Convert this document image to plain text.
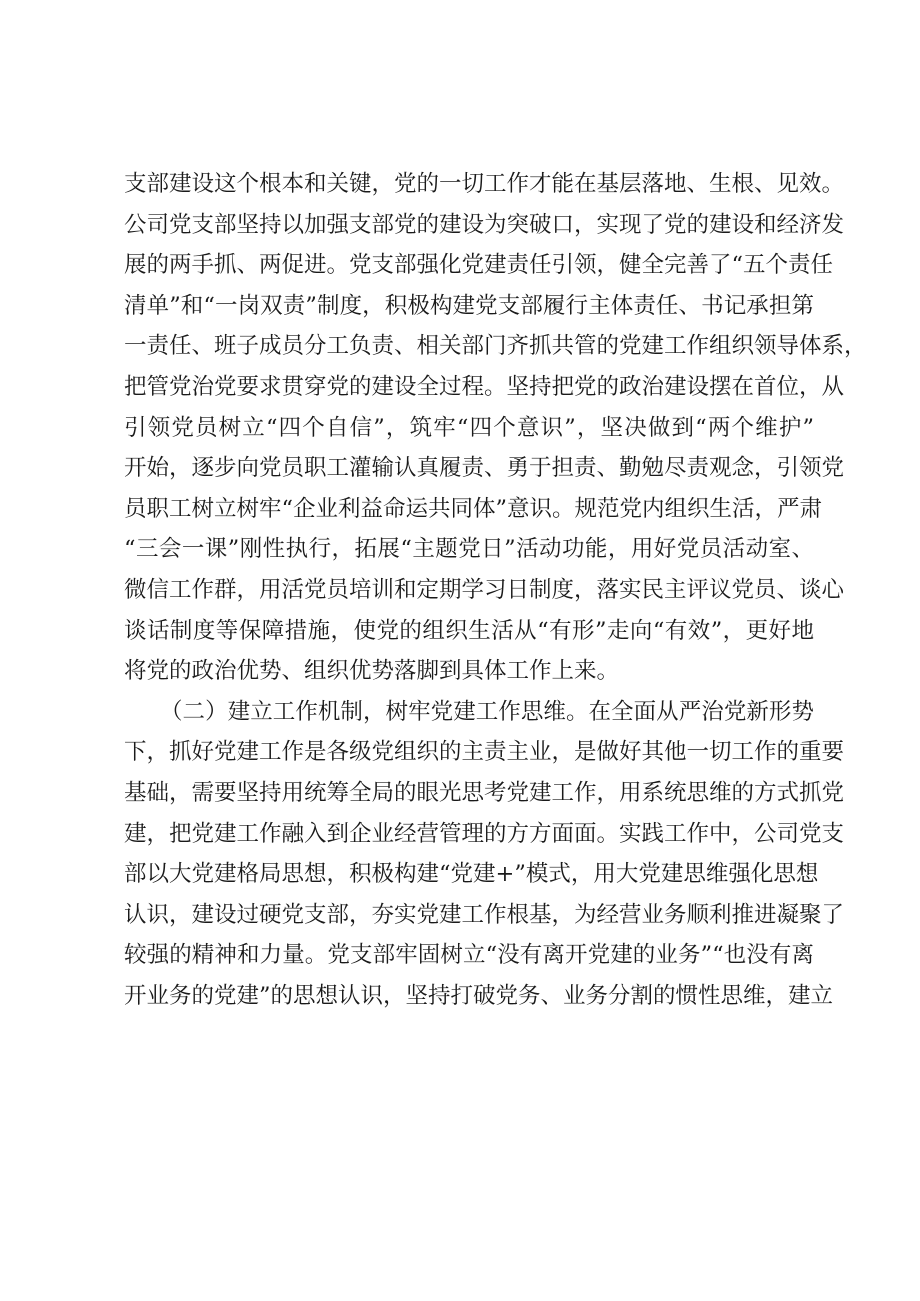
支部建设这个根本和关键，党的一切工作才能在基层落地、生根、见效。
公司党支部坚持以加强支部党的建设为突破口，实现了党的建设和经济发
展的两手抓、两促进。党支部强化党建责任引领，健全完善了“五个责任
清单”和“一岗双责”制度，积极构建党支部履行主体责任、书记承担第
一责任、班子成员分工负责、相关部门齐抓共管的党建工作组织领导体系，
把管党治党要求贯穿党的建设全过程。坚持把党的政治建设摆在首位，从
引领党员树立“四个自信”，筑牢“四个意识”，坚决做到“两个维护”
开始，逐步向党员职工灌输认真履责、勇于担责、勤勉尽责观念，引领党
员职工树立树牢“企业利益命运共同体”意识。规范党内组织生活，严肃
“三会一课”刚性执行，拓展“主题党日”活动功能，用好党员活动室、
微信工作群，用活党员培训和定期学习日制度，落实民主评议党员、谈心
谈话制度等保障措施，使党的组织生活从“有形”走向“有效”，更好地
将党的政治优势、组织优势落脚到具体工作上来。
（二）建立工作机制，树牢党建工作思维。在全面从严治党新形势
下，抓好党建工作是各级党组织的主责主业，是做好其他一切工作的重要
基础，需要坚持用统筹全局的眼光思考党建工作，用系统思维的方式抓党
建，把党建工作融入到企业经营管理的方方面面。实践工作中，公司党支
部以大党建格局思想，积极构建“党建+”模式，用大党建思维强化思想
认识，建设过硬党支部，夯实党建工作根基，为经营业务顺利推进凝聚了
较强的精神和力量。党支部牢固树立“没有离开党建的业务”“也没有离
开业务的党建”的思想认识，坚持打破党务、业务分割的惯性思维，建立
